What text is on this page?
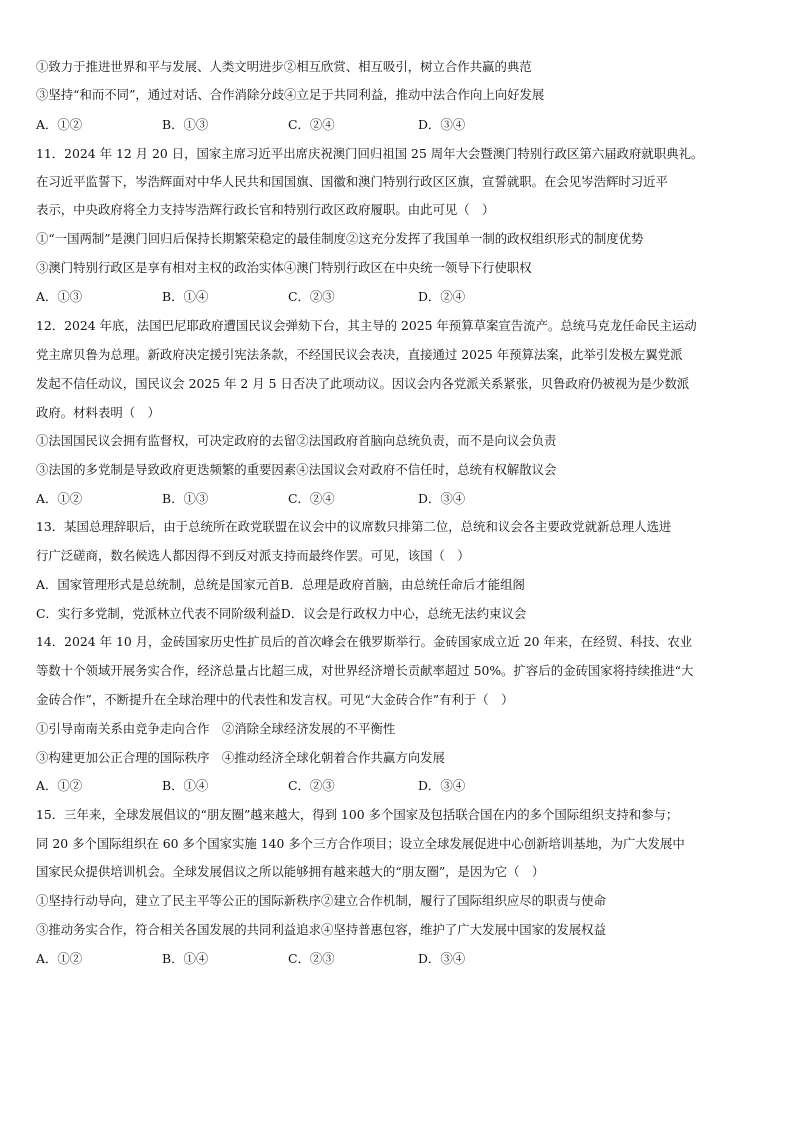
①致力于推进世界和平与发展、人类文明进步②相互欣赏、相互吸引，树立合作共赢的典范
③坚持“和而不同”，通过对话、合作消除分歧④立足于共同利益，推动中法合作向上向好发展
A．①②	B．①③	C．②④	D．③④
11．2024 年 12 月 20 日，国家主席习近平出席庆祝澳门回归祖国 25 周年大会暨澳门特别行政区第六届政府就职典礼。
在习近平监誓下，岑浩辉面对中华人民共和国国旗、国徽和澳门特别行政区区旗，宣誓就职。在会见岑浩辉时习近平
表示，中央政府将全力支持岑浩辉行政长官和特别行政区政府履职。由此可见（　）
①“一国两制”是澳门回归后保持长期繁荣稳定的最佳制度②这充分发挥了我国单一制的政权组织形式的制度优势
③澳门特别行政区是享有相对主权的政治实体④澳门特别行政区在中央统一领导下行使职权
A．①③	B．①④	C．②③	D．②④
12．2024 年底，法国巴尼耶政府遭国民议会弹劾下台，其主导的 2025 年预算草案宣告流产。总统马克龙任命民主运动
党主席贝鲁为总理。新政府决定援引宪法条款，不经国民议会表决，直接通过 2025 年预算法案，此举引发极左翼党派
发起不信任动议，国民议会 2025 年 2 月 5 日否决了此项动议。因议会内各党派关系紧张，贝鲁政府仍被视为是少数派
政府。材料表明（　）
①法国国民议会拥有监督权，可决定政府的去留②法国政府首脑向总统负责，而不是向议会负责
③法国的多党制是导致政府更迭频繁的重要因素④法国议会对政府不信任时，总统有权解散议会
A．①②	B．①③	C．②④	D．③④
13．某国总理辞职后，由于总统所在政党联盟在议会中的议席数只排第二位，总统和议会各主要政党就新总理人选进
行广泛磋商，数名候选人都因得不到反对派支持而最终作罢。可见，该国（　）
A．国家管理形式是总统制，总统是国家元首B．总理是政府首脑，由总统任命后才能组阁
C．实行多党制，党派林立代表不同阶级利益D．议会是行政权力中心，总统无法约束议会
14．2024 年 10 月，金砖国家历史性扩员后的首次峰会在俄罗斯举行。金砖国家成立近 20 年来，在经贸、科技、农业
等数十个领域开展务实合作，经济总量占比超三成，对世界经济增长贡献率超过 50%。扩容后的金砖国家将持续推进“大
金砖合作”，不断提升在全球治理中的代表性和发言权。可见“大金砖合作”有利于（　）
①引导南南关系由竞争走向合作　②消除全球经济发展的不平衡性
③构建更加公正合理的国际秩序　④推动经济全球化朝着合作共赢方向发展
A．①②	B．①④	C．②③	D．③④
15．三年来，全球发展倡议的“朋友圈”越来越大，得到 100 多个国家及包括联合国在内的多个国际组织支持和参与；
同 20 多个国际组织在 60 多个国家实施 140 多个三方合作项目；设立全球发展促进中心创新培训基地，为广大发展中
国家民众提供培训机会。全球发展倡议之所以能够拥有越来越大的“朋友圈”，是因为它（　）
①坚持行动导向，建立了民主平等公正的国际新秩序②建立合作机制，履行了国际组织应尽的职责与使命
③推动务实合作，符合相关各国发展的共同利益追求④坚持普惠包容，维护了广大发展中国家的发展权益
A．①②	B．①④	C．②③	D．③④
